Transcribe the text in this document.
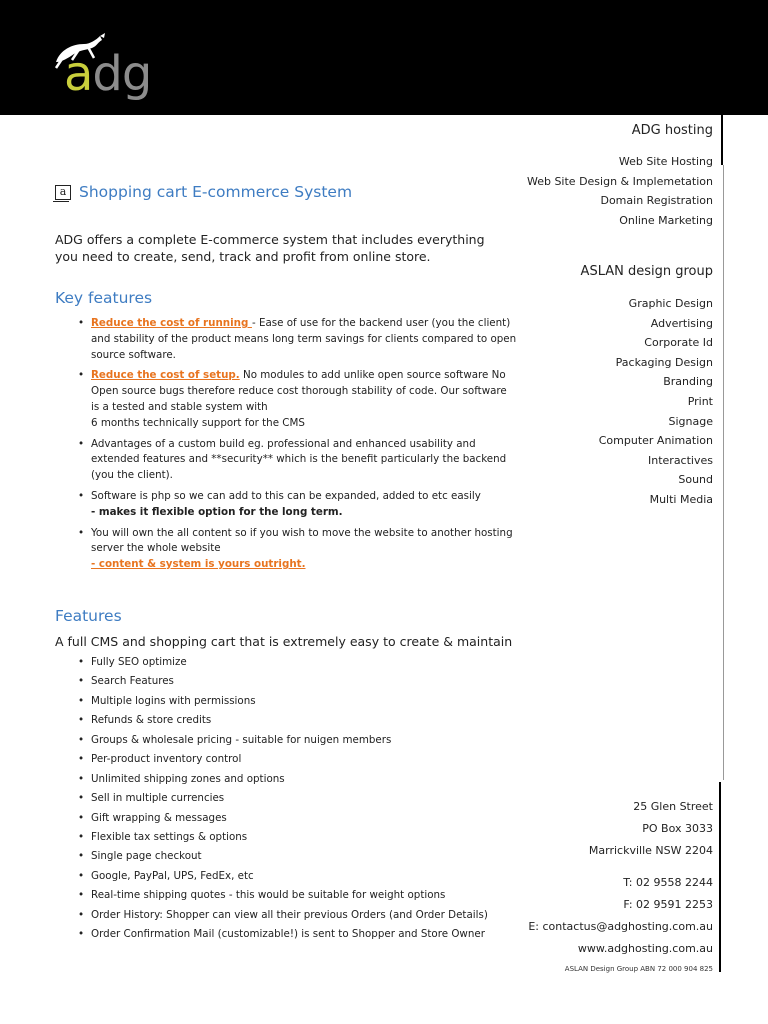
adg
ADG hosting
Web Site Hosting
Web Site Design & Implemetation
Domain Registration
Online Marketing
ASLAN design group
Graphic Design
Advertising
Corporate Id
Packaging Design
Branding
Print
Signage
Computer Animation
Interactives
Sound
Multi Media
25 Glen Street
PO Box 3033
Marrickville NSW 2204
T: 02 9558 2244
F: 02 9591 2253
E: contactus@adghosting.com.au
www.adghosting.com.au
ASLAN Design Group ABN 72 000 904 825
a Shopping cart E-commerce System
ADG offers a complete E-commerce system that includes everything
you need to create, send, track and profit from online store.
Key features
• Reduce the cost of running - Ease of use for the backend user (you the client) and stability of the product means long term savings for clients compared to open source software.
• Reduce the cost of setup. No modules to add unlike open source software No Open source bugs therefore reduce cost thorough stability of code. Our software is a tested and stable system with
6 months technically support for the CMS
• Advantages of a custom build eg. professional and enhanced usability and extended features and **security** which is the benefit particularly the backend
(you the client).
• Software is php so we can add to this can be expanded, added to etc easily
- makes it flexible option for the long term.
• You will own the all content so if you wish to move the website to another hosting server the whole website
- content & system is yours outright.
Features
A full CMS and shopping cart that is extremely easy to create & maintain
• Fully SEO optimize
• Search Features
• Multiple logins with permissions
• Refunds & store credits
• Groups & wholesale pricing - suitable for nuigen members
• Per-product inventory control
• Unlimited shipping zones and options
• Sell in multiple currencies
• Gift wrapping & messages
• Flexible tax settings & options
• Single page checkout
• Google, PayPal, UPS, FedEx, etc
• Real-time shipping quotes - this would be suitable for weight options
• Order History: Shopper can view all their previous Orders (and Order Details)
• Order Confirmation Mail (customizable!) is sent to Shopper and Store Owner
